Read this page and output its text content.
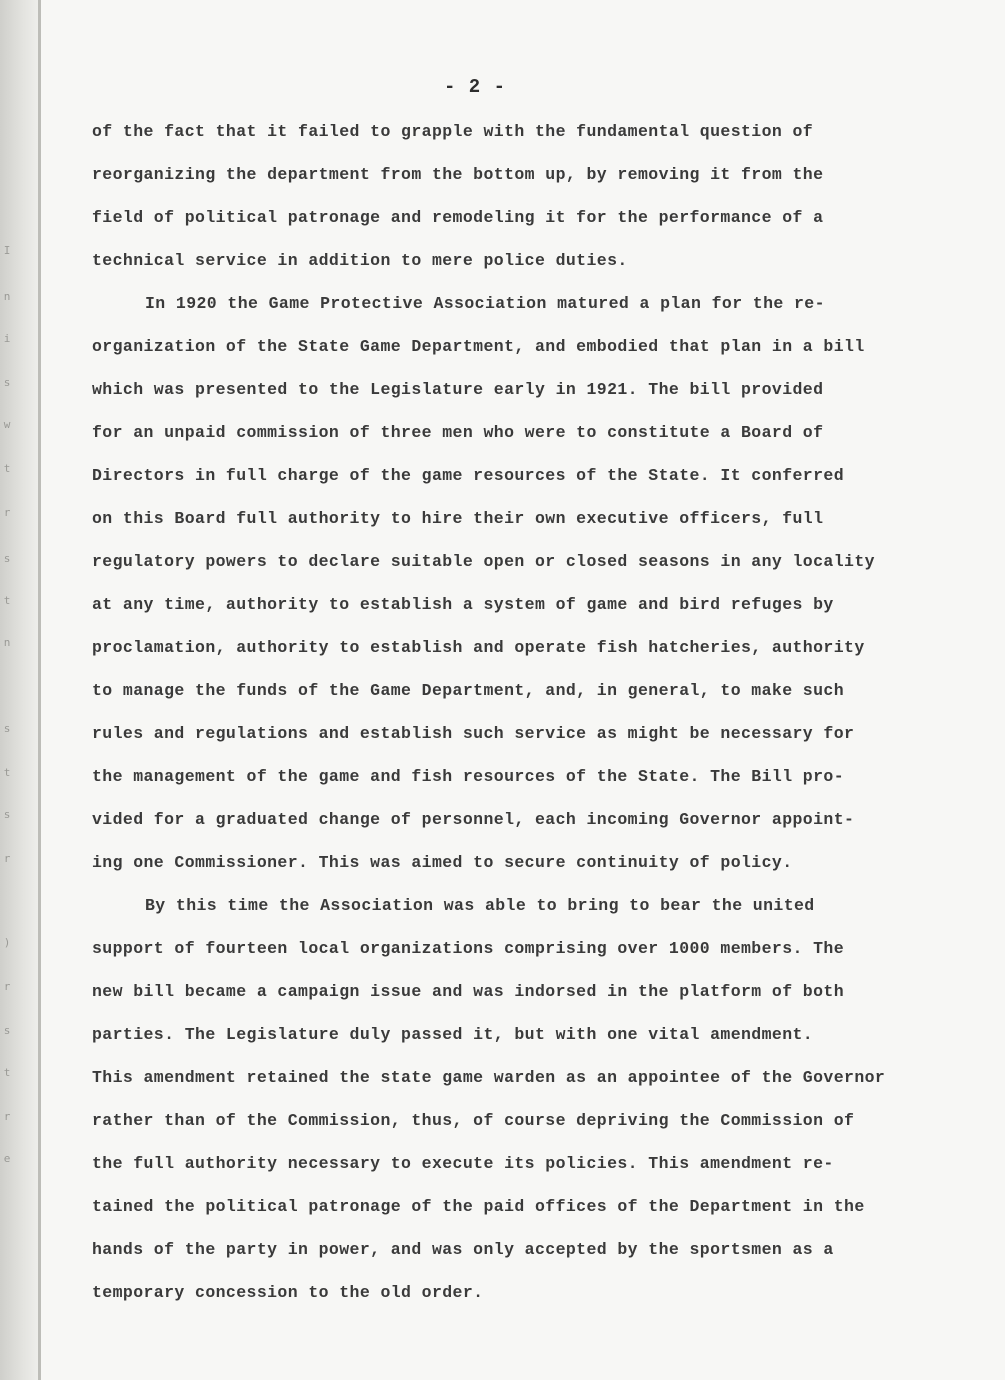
I
n
i
s
w
t
r
s
t
n
s
t
s
r
)
r
s
t
r
e
- 2 -
of the fact that it failed to grapple with the fundamental question of
reorganizing the department from the bottom up, by removing it from the
field of political patronage and remodeling it for the performance of a
technical service in addition to mere police duties.
In 1920 the Game Protective Association matured a plan for the re-
organization of the State Game Department, and embodied that plan in a bill
which was presented to the Legislature early in 1921. The bill provided
for an unpaid commission of three men who were to constitute a Board of
Directors in full charge of the game resources of the State. It conferred
on this Board full authority to hire their own executive officers, full
regulatory powers to declare suitable open or closed seasons in any locality
at any time, authority to establish a system of game and bird refuges by
proclamation, authority to establish and operate fish hatcheries, authority
to manage the funds of the Game Department, and, in general, to make such
rules and regulations and establish such service as might be necessary for
the management of the game and fish resources of the State. The Bill pro-
vided for a graduated change of personnel, each incoming Governor appoint-
ing one Commissioner. This was aimed to secure continuity of policy.
By this time the Association was able to bring to bear the united
support of fourteen local organizations comprising over 1000 members. The
new bill became a campaign issue and was indorsed in the platform of both
parties. The Legislature duly passed it, but with one vital amendment.
This amendment retained the state game warden as an appointee of the Governor
rather than of the Commission, thus, of course depriving the Commission of
the full authority necessary to execute its policies. This amendment re-
tained the political patronage of the paid offices of the Department in the
hands of the party in power, and was only accepted by the sportsmen as a
temporary concession to the old order.
